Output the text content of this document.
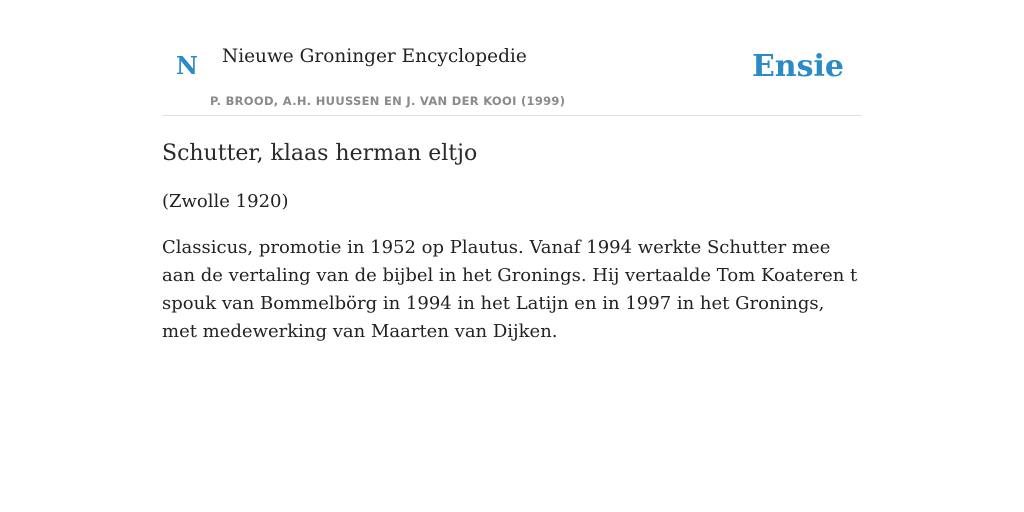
N Nieuwe Groninger Encyclopedie
P. BROOD, A.H. HUUSSEN EN J. VAN DER KOOI (1999)
Ensie
Schutter, klaas herman eltjo

(Zwolle 1920)

Classicus, promotie in 1952 op Plautus. Vanaf 1994 werkte Schutter mee aan de vertaling van de bijbel in het Gronings. Hij vertaalde Tom Koateren t spouk van Bommelbörg in 1994 in het Latijn en in 1997 in het Gronings, met medewerking van Maarten van Dijken.
